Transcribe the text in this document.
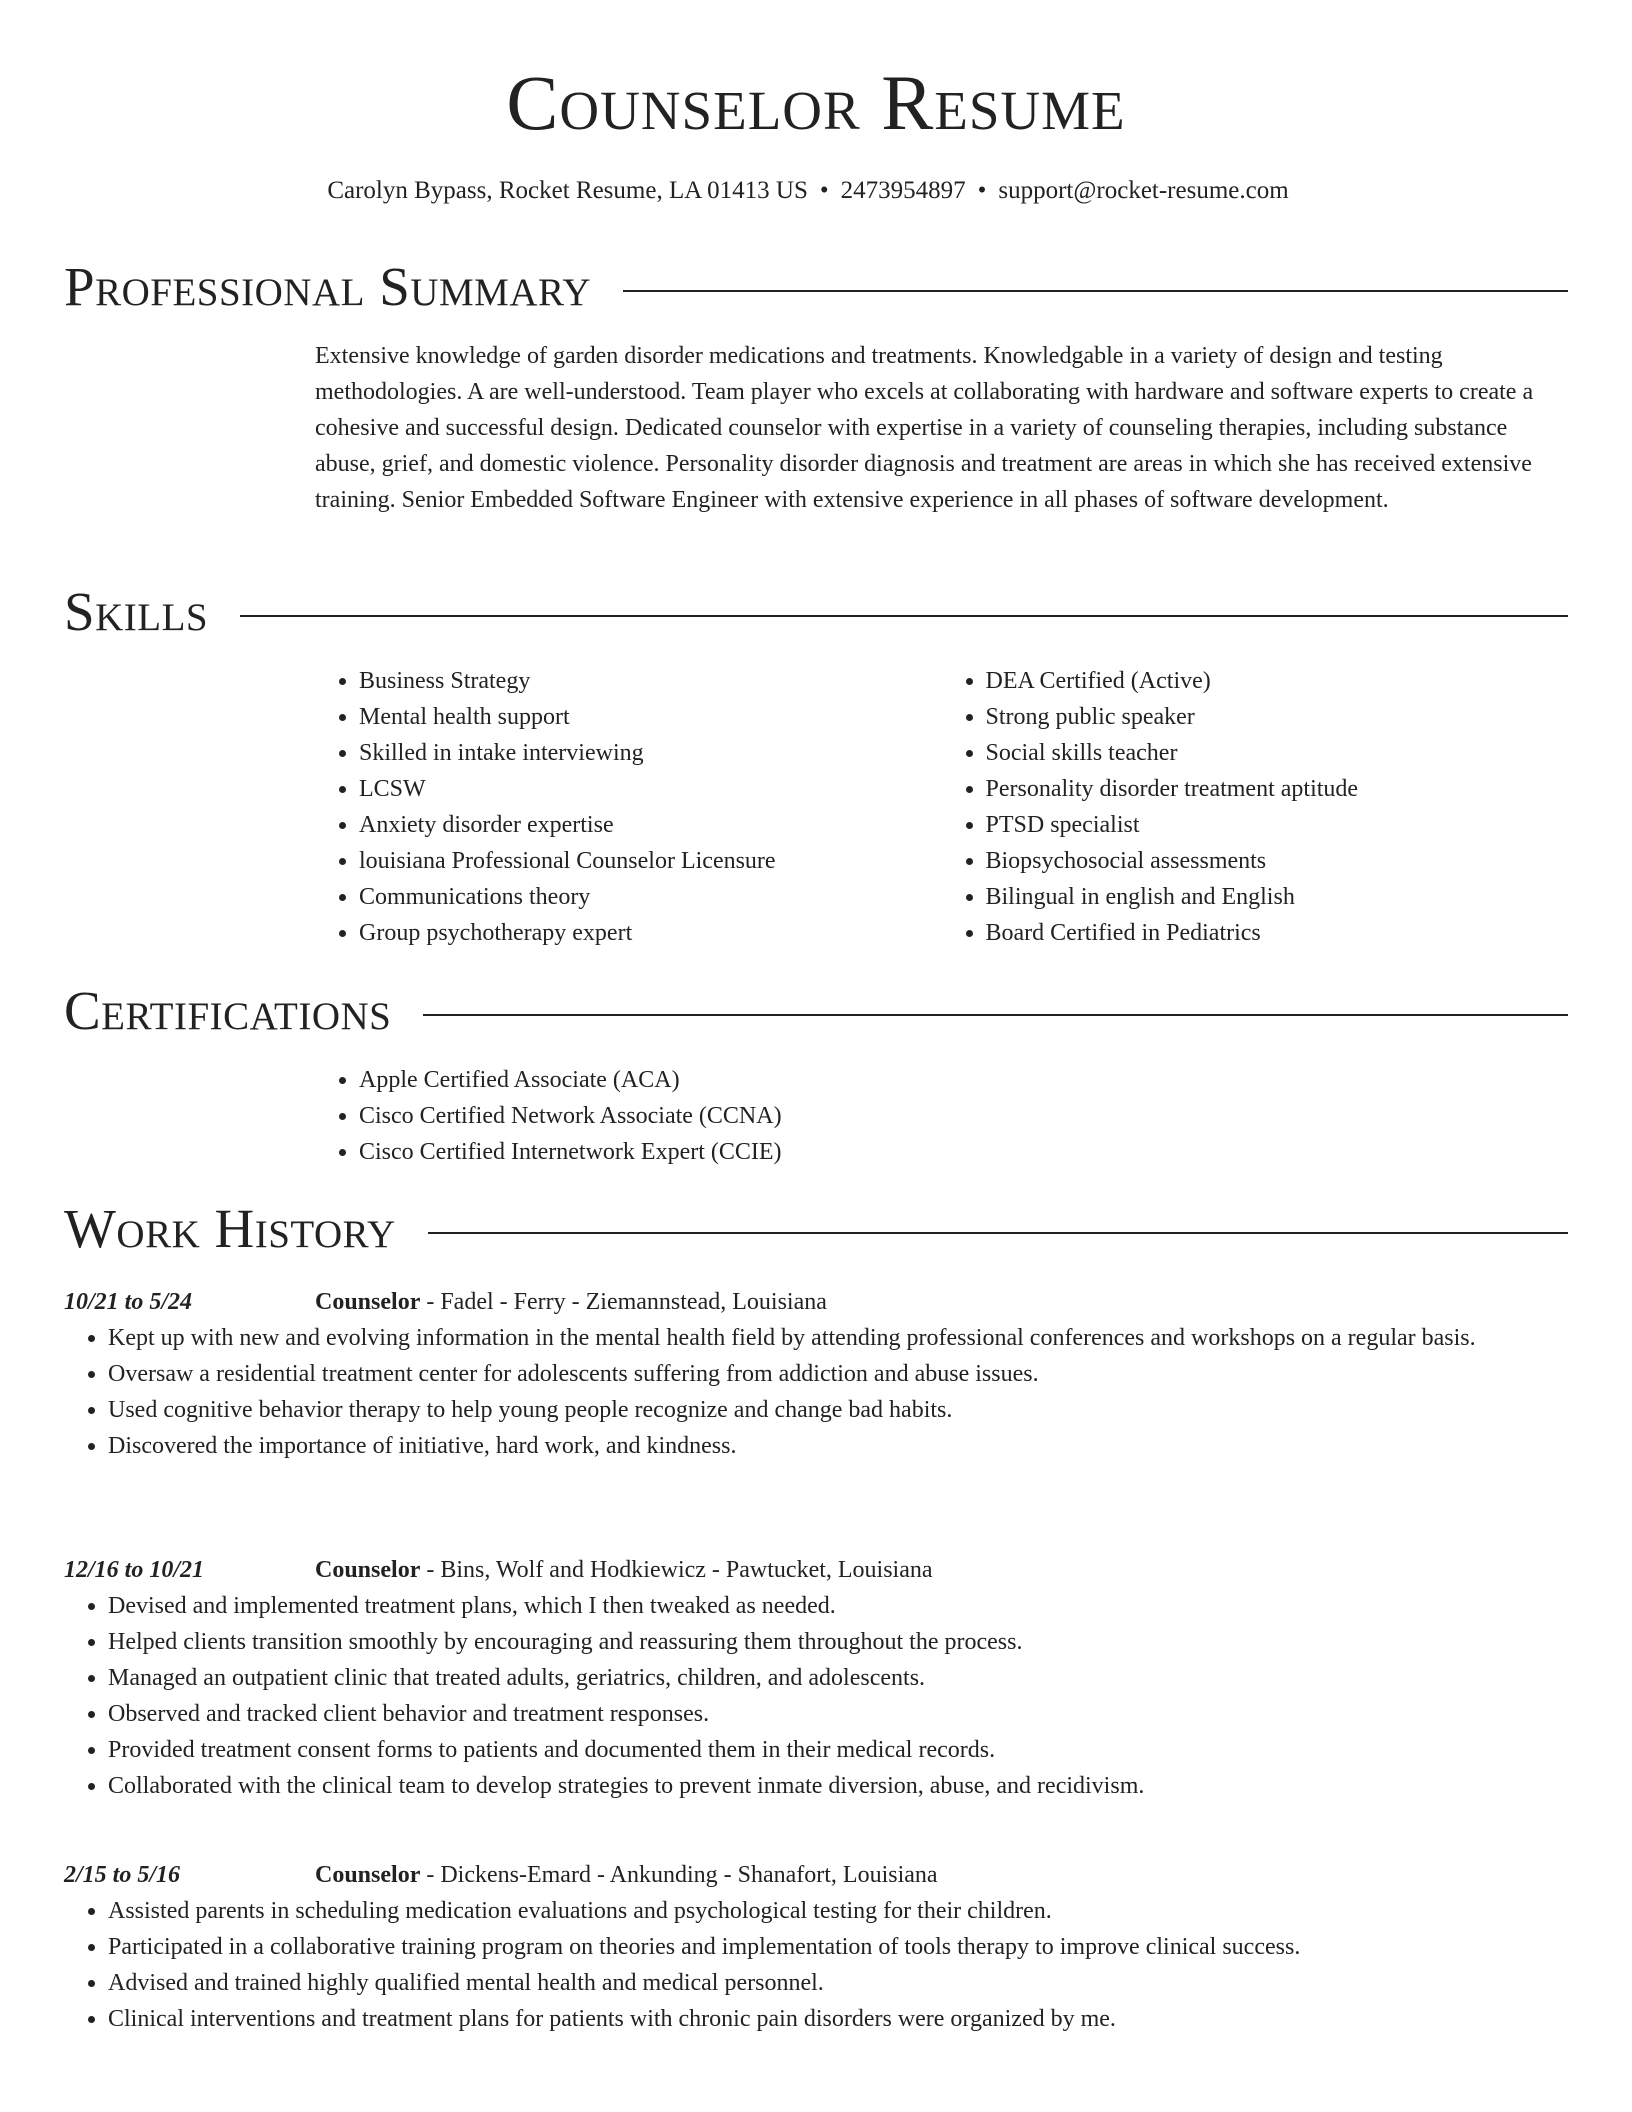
Counselor Resume
Carolyn Bypass, Rocket Resume, LA 01413 US • 2473954897 • support@rocket-resume.com
Professional Summary

Extensive knowledge of garden disorder medications and treatments. Knowledgable in a variety of design and testing methodologies. A are well-understood. Team player who excels at collaborating with hardware and software experts to create a cohesive and successful design. Dedicated counselor with expertise in a variety of counseling therapies, including substance abuse, grief, and domestic violence. Personality disorder diagnosis and treatment are areas in which she has received extensive training. Senior Embedded Software Engineer with extensive experience in all phases of software development.

Skills
• Business Strategy
• Mental health support
• Skilled in intake interviewing
• LCSW
• Anxiety disorder expertise
• louisiana Professional Counselor Licensure
• Communications theory
• Group psychotherapy expert
• DEA Certified (Active)
• Strong public speaker
• Social skills teacher
• Personality disorder treatment aptitude
• PTSD specialist
• Biopsychosocial assessments
• Bilingual in english and English
• Board Certified in Pediatrics
Certifications
• Apple Certified Associate (ACA)
• Cisco Certified Network Associate (CCNA)
• Cisco Certified Internetwork Expert (CCIE)
Work History
10/21 to 5/24	Counselor - Fadel - Ferry - Ziemannstead, Louisiana
• Kept up with new and evolving information in the mental health field by attending professional conferences and workshops on a regular basis.
• Oversaw a residential treatment center for adolescents suffering from addiction and abuse issues.
• Used cognitive behavior therapy to help young people recognize and change bad habits.
• Discovered the importance of initiative, hard work, and kindness.
12/16 to 10/21	Counselor - Bins, Wolf and Hodkiewicz - Pawtucket, Louisiana
• Devised and implemented treatment plans, which I then tweaked as needed.
• Helped clients transition smoothly by encouraging and reassuring them throughout the process.
• Managed an outpatient clinic that treated adults, geriatrics, children, and adolescents.
• Observed and tracked client behavior and treatment responses.
• Provided treatment consent forms to patients and documented them in their medical records.
• Collaborated with the clinical team to develop strategies to prevent inmate diversion, abuse, and recidivism.
2/15 to 5/16	Counselor - Dickens-Emard - Ankunding - Shanafort, Louisiana
• Assisted parents in scheduling medication evaluations and psychological testing for their children.
• Participated in a collaborative training program on theories and implementation of tools therapy to improve clinical success.
• Advised and trained highly qualified mental health and medical personnel.
• Clinical interventions and treatment plans for patients with chronic pain disorders were organized by me.
